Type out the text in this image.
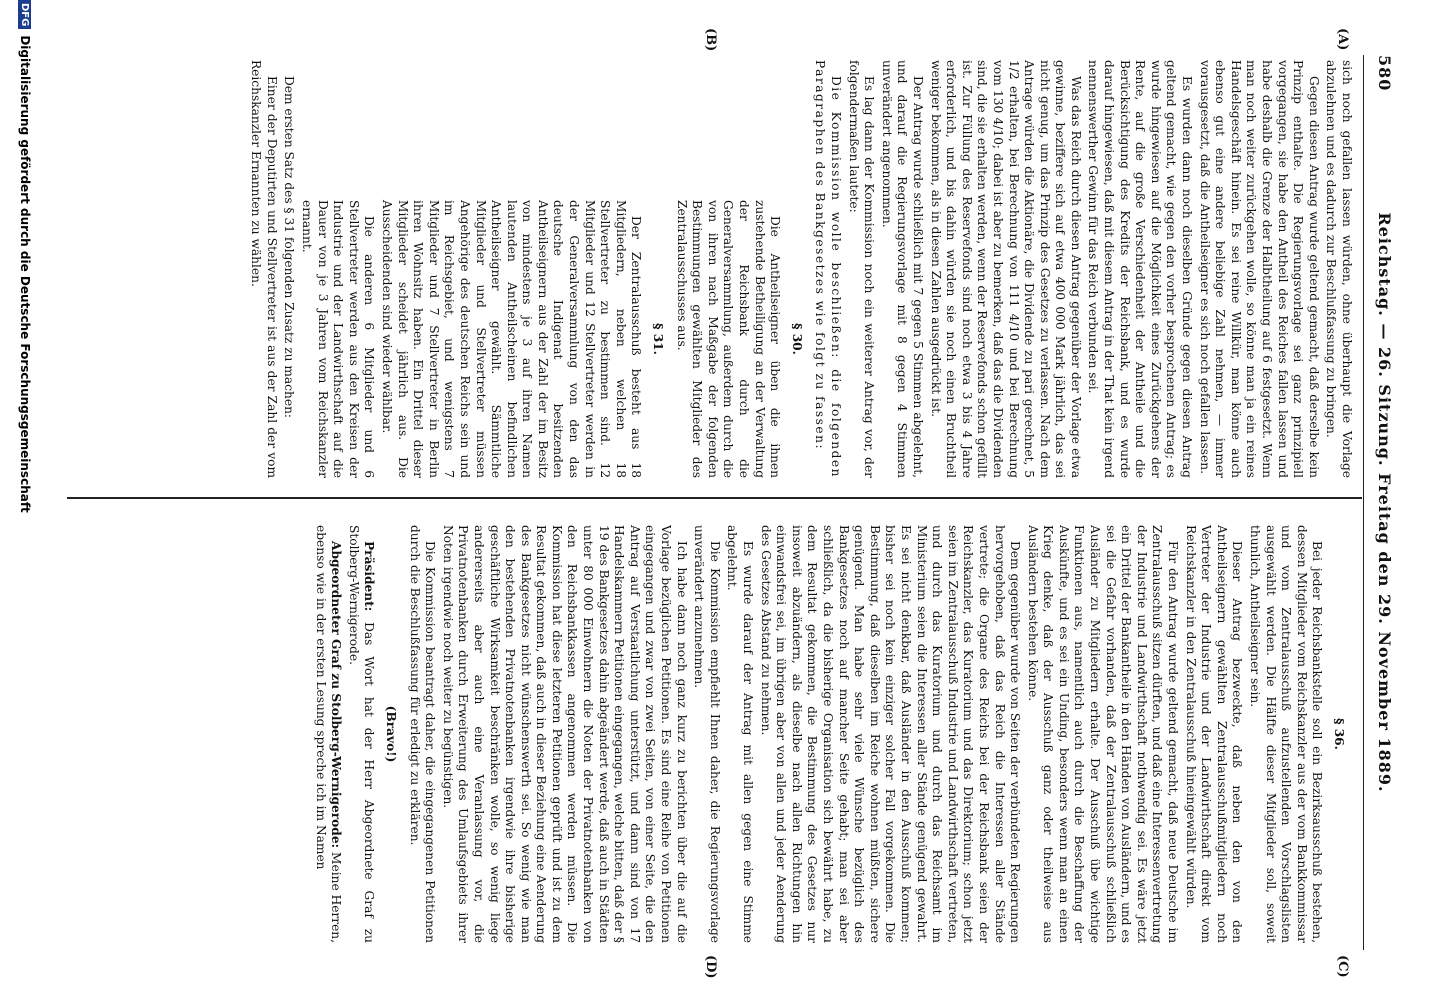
580
Reichstag. — 26. Sitzung. Freitag den 29. November 1889.
(A)
(B)
(C)
(D)

sich noch gefallen lassen würden, ohne überhaupt die Vorlage abzulehnen und es dadurch zur Beschlußfassung zu bringen.

Gegen diesen Antrag wurde geltend gemacht, daß derselbe kein Prinzip enthalte. Die Regierungsvorlage sei ganz prinzipiell vorgegangen, sie habe den Antheil des Reiches fallen lassen und habe deshalb die Grenze der Halbtheilung auf 6 festgesetzt. Wenn man noch weiter zurückgehen wolle, so könne man ja ein reines Handelsgeschäft hinein. Es sei reine Willkür, man könne auch ebenso gut eine andere beliebige Zahl nehmen, — immer vorausgesetzt, daß die Antheilseigner es sich noch gefallen lassen.

Es wurden dann noch dieselben Gründe gegen diesen Antrag geltend gemacht, wie gegen den vorher besprochenen Antrag; es wurde hingewiesen auf die Möglichkeit eines Zurückgehens der Rente, auf die große Verschiedenheit der Antheile und die Berücksichtigung des Kredits der Reichsbank, und es wurde darauf hingewiesen, daß mit diesem Antrag in der That kein irgend nennenswerther Gewinn für das Reich verbunden sei.

Was das Reich durch diesen Antrag gegenüber der Vorlage etwa gewinne, beziffere sich auf etwa 400 000 Mark jährlich, das sei nicht genug, um das Prinzip des Gesetzes zu verlassen. Nach dem Antrage würden die Aktionäre, die Dividende zu pari gerechnet, 5 1/2 erhalten, bei Berechnung von 111 4/10 und bei Berechnung vom 130 4/10; dabei ist aber zu bemerken, daß das die Dividenden sind, die sie erhalten werden, wenn der Reservefonds schon gefüllt ist. Zur Füllung des Reservefonds sind noch etwa 3 bis 4 Jahre erforderlich, und bis dahin würden sie noch einen Bruchtheil weniger bekommen, als in diesen Zahlen ausgedrückt ist.

Der Antrag wurde schließlich mit 7 gegen 5 Stimmen abgelehnt, und darauf die Regierungsvorlage mit 8 gegen 4 Stimmen unverändert angenommen.

Es lag dann der Kommission noch ein weiterer Antrag vor, der folgendermaßen lautete:

Die Kommission wolle beschließen: die folgenden Paragraphen des Bankgesetzes wie folgt zu fassen:

§ 30.

Die Antheilseigner üben die ihnen zustehende Betheiligung an der Verwaltung der Reichsbank durch die Generalversammlung, außerdem durch die von ihren nach Maßgabe der folgenden Bestimmungen gewählten Mitglieder des Zentralausschusses aus.

§ 31.

Der Zentralausschuß besteht aus 18 Mitgliedern, neben welchen 18 Stellvertreter zu bestimmen sind. 12 Mitglieder und 12 Stellvertreter werden in der Generalversammlung von den das deutsche Indigenat besitzenden Antheilseignern aus der Zahl der im Besitz von mindestens je 3 auf ihren Namen lautenden Antheilscheinen befindlichen Antheilseigner gewählt. Sämmtliche Mitglieder und Stellvertreter müssen Angehörige des deutschen Reichs sein und im Reichsgebiet, und wenigstens 7 Mitglieder und 7 Stellvertreter in Berlin ihren Wohnsitz haben. Ein Drittel dieser Mitglieder scheidet jährlich aus. Die Ausscheidenden sind wieder wählbar.

Die anderen 6 Mitglieder und 6 Stellvertreter werden aus den Kreisen der Industrie und der Landwirthschaft auf die Dauer von je 3 Jahren vom Reichskanzler ernannt.

Dem ersten Satz des § 31 folgenden Zusatz zu machen:

Einer der Deputirten und Stellvertreter ist aus der Zahl der vom Reichskanzler Ernannten zu wählen.

§ 36.

Bei jeder Reichsbankstelle soll ein Bezirksausschuß bestehen, dessen Mitglieder vom Reichskanzler aus der vom Bankkommissar und vom Zentralausschuß aufzustellenden Vorschlagslisten ausgewählt werden. Die Hälfte dieser Mitglieder soll, soweit thunlich, Antheilseigner sein.

Dieser Antrag bezweckte, daß neben den von den Antheilseignern gewählten Zentralausschußmitgliedern noch Vertreter der Industrie und der Landwirthschaft direkt vom Reichskanzler in den Zentralausschuß hineingewählt würden.

Für den Antrag wurde geltend gemacht, daß neue Deutsche im Zentralausschuß sitzen dürften, und daß eine Interessenvertretung der Industrie und Landwirthschaft nothwendig sei. Es wäre jetzt ein Drittel der Bankantheile in den Händen von Ausländern, und es sei die Gefahr vorhanden, daß der Zentralausschuß schließlich Ausländer zu Mitgliedern erhalte. Der Ausschuß übe wichtige Funktionen aus, namentlich auch durch die Beschaffung der Auskünfte, und es sei ein Unding, besonders wenn man an einen Krieg denke, daß der Ausschuß ganz oder theilweise aus Ausländern bestehen könne.

Dem gegenüber wurde von Seiten der verbündeten Regierungen hervorgehoben, daß das Reich die Interessen aller Stände vertrete; die Organe des Reichs bei der Reichsbank seien der Reichskanzler, das Kuratorium und das Direktorium; schon jetzt seien im Zentralausschuß Industrie und Landwirthschaft vertreten, und durch das Kuratorium und durch das Reichsamt im Ministerium seien die Interessen aller Stände genügend gewahrt. Es sei nicht denkbar, daß Ausländer in den Ausschuß kommen; bisher sei noch kein einziger solcher Fall vorgekommen. Die Bestimmung, daß dieselben im Reiche wohnen müßten, sichere genügend. Man habe sehr viele Wünsche bezüglich des Bankgesetzes noch auf mancher Seite gehabt; man sei aber schließlich, da die bisherige Organisation sich bewährt habe, zu dem Resultat gekommen, die Bestimmung des Gesetzes nur insoweit abzuändern, als dieselbe nach allen Richtungen hin einwandsfrei sei, im übrigen aber von allen und jeder Aenderung des Gesetzes Abstand zu nehmen.

Es wurde darauf der Antrag mit allen gegen eine Stimme abgelehnt.

Die Kommission empfiehlt Ihnen daher, die Regierungsvorlage unverändert anzunehmen.

Ich habe dann noch ganz kurz zu berichten über die auf die Vorlage bezüglichen Petitionen. Es sind eine Reihe von Petitionen eingegangen und zwar von zwei Seiten, von einer Seite, die den Antrag auf Verstaatlichung unterstützt, und dann sind von 17 Handelskammern Petitionen eingegangen, welche bitten, daß der § 19 des Bankgesetzes dahin abgeändert werde, daß auch in Städten unter 80 000 Einwohnern die Noten der Privatnotenbanken von den Reichsbankkassen angenommen werden müssen. Die Kommission hat diese letzteren Petitionen geprüft und ist zu dem Resultat gekommen, daß auch in dieser Beziehung eine Aenderung des Bankgesetzes nicht wünschenswerth sei. So wenig wie man den bestehenden Privatnotenbanken irgendwie ihre bisherige geschäftliche Wirksamkeit beschränken wolle, so wenig liege andererseits aber auch eine Veranlassung vor, die Privatnotenbanken durch Erweiterung des Umlaufsgebiets ihrer Noten irgendwie noch weiter zu begünstigen.

Die Kommission beantragt daher, die eingegangenen Petitionen durch die Beschlußfassung für erledigt zu erklären.

(Bravo!)

Präsident: Das Wort hat der Herr Abgeordnete Graf zu Stolberg-Wernigerode.

Abgeordneter Graf zu Stolberg-Wernigerode: Meine Herren, ebenso wie in der ersten Lesung spreche ich im Namen

DFGDigitalisierung gefördert durch die Deutsche Forschungsgemeinschaft
